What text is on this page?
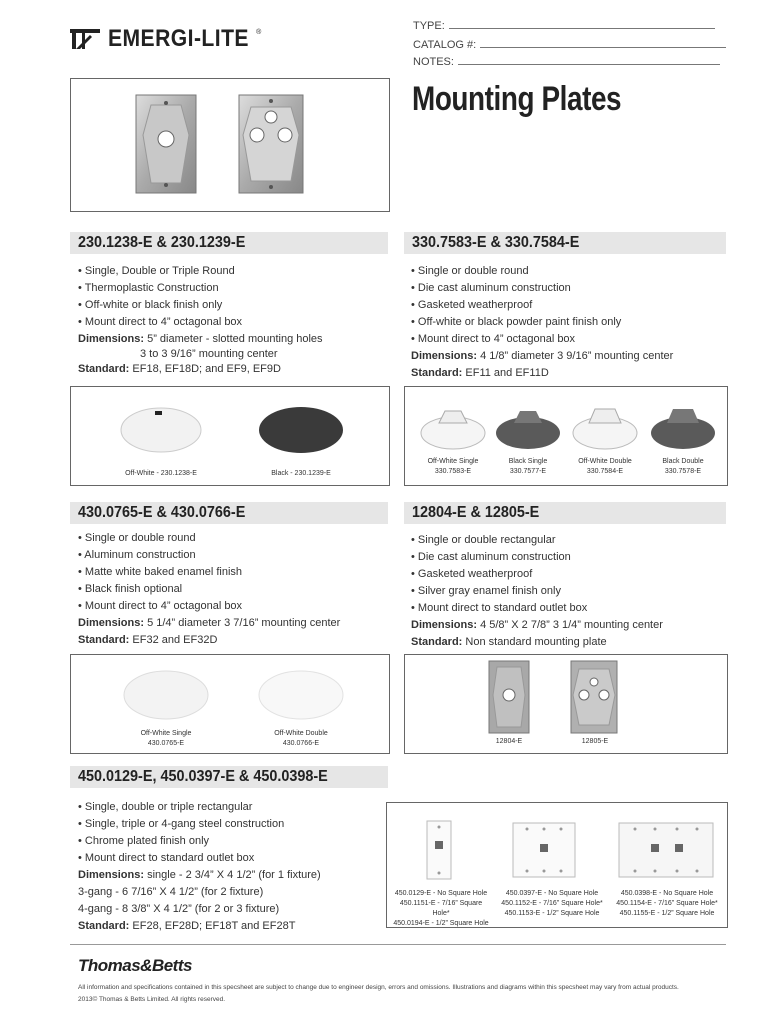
EMERGI-LITE ®	TYPE:
CATALOG #:
NOTES:
Mounting Plates
230.1238-E & 230.1239-E
• Single, Double or Triple Round
• Thermoplastic Construction
• Off-white or black finish only
• Mount direct to 4” octagonal box
Dimensions: 5” diameter - slotted mounting holes
3 to 3 9/16” mounting center
Standard: EF18, EF18D; and EF9, EF9D
Off-White - 230.1238-E	Black - 230.1239-E
330.7583-E & 330.7584-E
• Single or double round
• Die cast aluminum construction
• Gasketed weatherproof
• Off-white or black powder paint finish only
• Mount direct to 4” octagonal box
Dimensions: 4 1/8” diameter 3 9/16” mounting center
Standard: EF11 and EF11D
Off-White Single
330.7583-E
Black Single
330.7577-E
Off-White Double
330.7584-E
Black Double
330.7578-E
430.0765-E & 430.0766-E
• Single or double round
• Aluminum construction
• Matte white baked enamel finish
• Black finish optional
• Mount direct to 4” octagonal box
Dimensions: 5 1/4” diameter 3 7/16” mounting center
Standard: EF32 and EF32D
Off-White Single
430.0765-E
Off-White Double
430.0766-E
12804-E & 12805-E
• Single or double rectangular
• Die cast aluminum construction
• Gasketed weatherproof
• Silver gray enamel finish only
• Mount direct to standard outlet box
Dimensions: 4 5/8” X 2 7/8” 3 1/4” mounting center
Standard: Non standard mounting plate
12804-E	12805-E
450.0129-E, 450.0397-E & 450.0398-E
• Single, double or triple rectangular
• Single, triple or 4-gang steel construction
• Chrome plated finish only
• Mount direct to standard outlet box
Dimensions: single - 2 3/4” X 4 1/2” (for 1 fixture)
3-gang - 6 7/16” X 4 1/2” (for 2 fixture)
4-gang - 8 3/8” X 4 1/2” (for 2 or 3 fixture)
Standard: EF28, EF28D; EF18T and EF28T
450.0129-E - No Square Hole
450.1151-E - 7/16” Square Hole*
450.0194-E - 1/2” Square Hole
450.0397-E - No Square Hole
450.1152-E - 7/16” Square Hole*
450.1153-E - 1/2” Square Hole
450.0398-E - No Square Hole
450.1154-E - 7/16” Square Hole*
450.1155-E - 1/2” Square Hole
Thomas&Betts
All information and specifications contained in this specsheet are subject to change due to engineer design, errors and omissions. Illustrations and diagrams within this specsheet may vary from actual products.
2013© Thomas & Betts Limited. All rights reserved.
